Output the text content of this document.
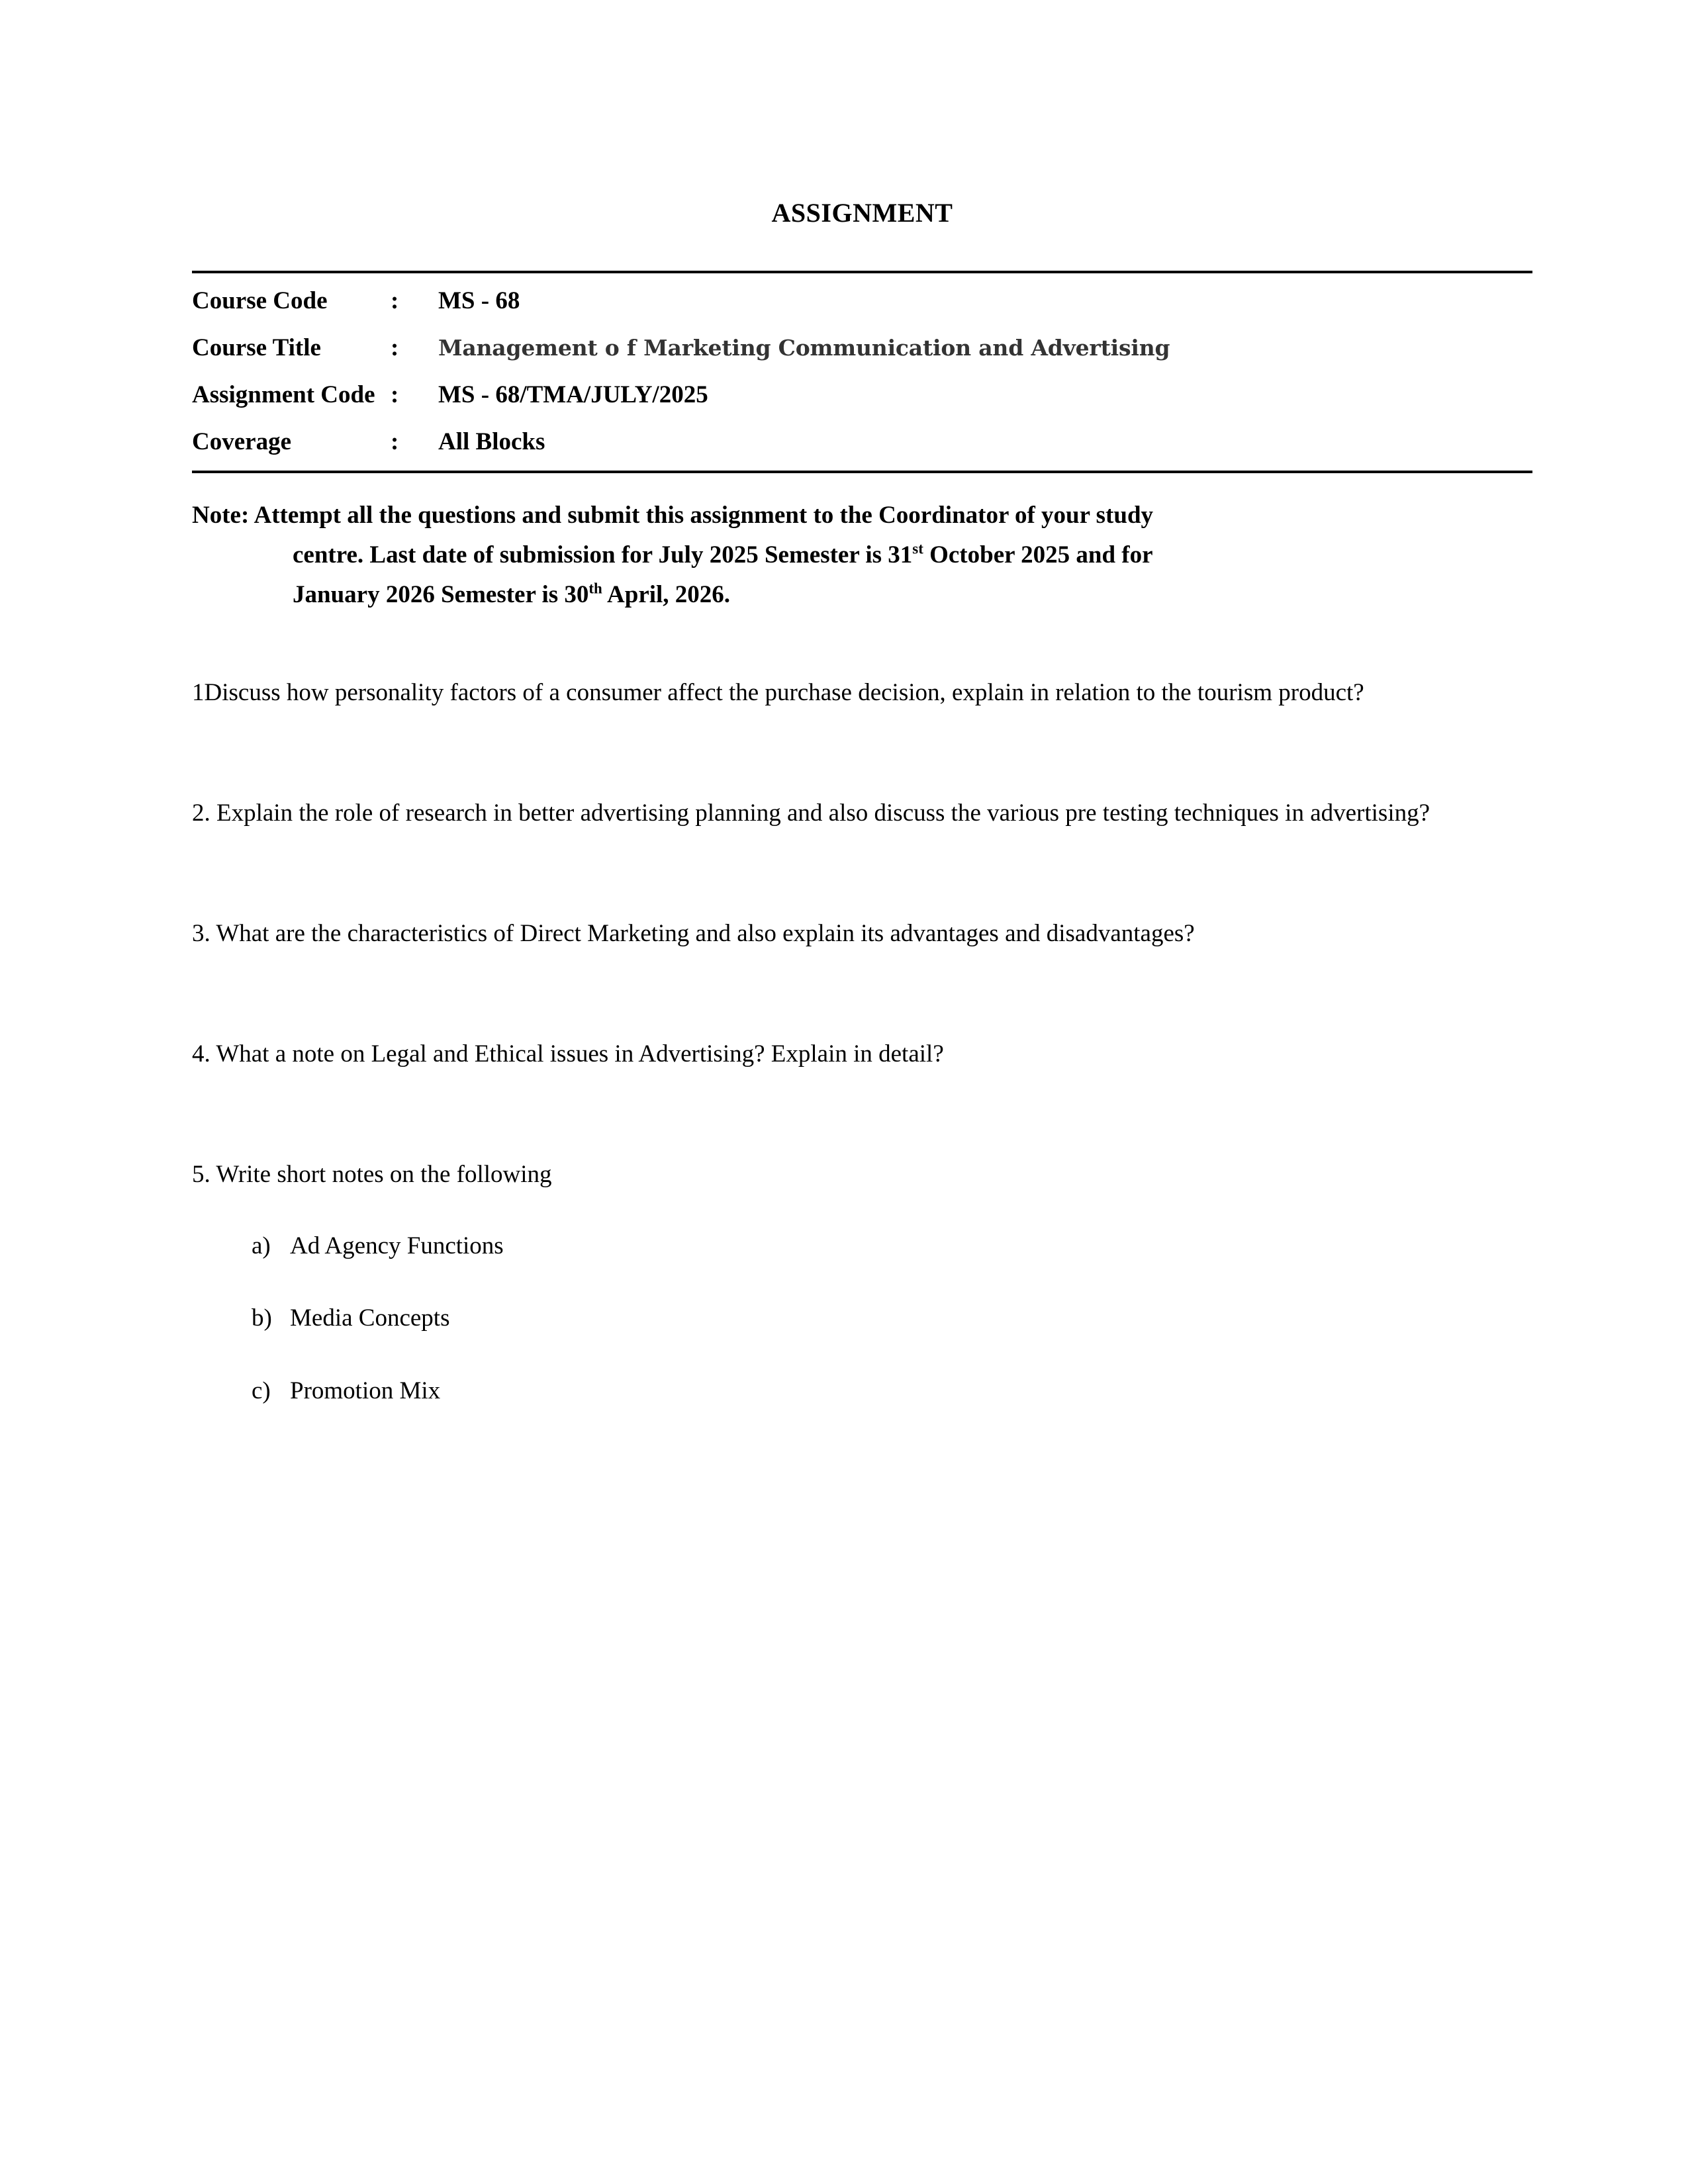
ASSIGNMENT
Course Code	:	MS - 68
Course Title	:	Management o f Marketing Communication and Advertising
Assignment Code :	MS - 68/TMA/JULY/2025
Coverage	:	All Blocks
Note: Attempt all the questions and submit this assignment to the Coordinator of your study
centre. Last date of submission for July 2025 Semester is 31st October 2025 and for
January 2026 Semester is 30th April, 2026.

1Discuss how personality factors of a consumer affect the purchase decision, explain in relation to the tourism product?

2. Explain the role of research in better advertising planning and also discuss the various pre testing techniques in advertising?

3. What are the characteristics of Direct Marketing and also explain its advantages and disadvantages?

4. What a note on Legal and Ethical issues in Advertising? Explain in detail?

5. Write short notes on the following

a) Ad Agency Functions
b) Media Concepts
c) Promotion Mix
